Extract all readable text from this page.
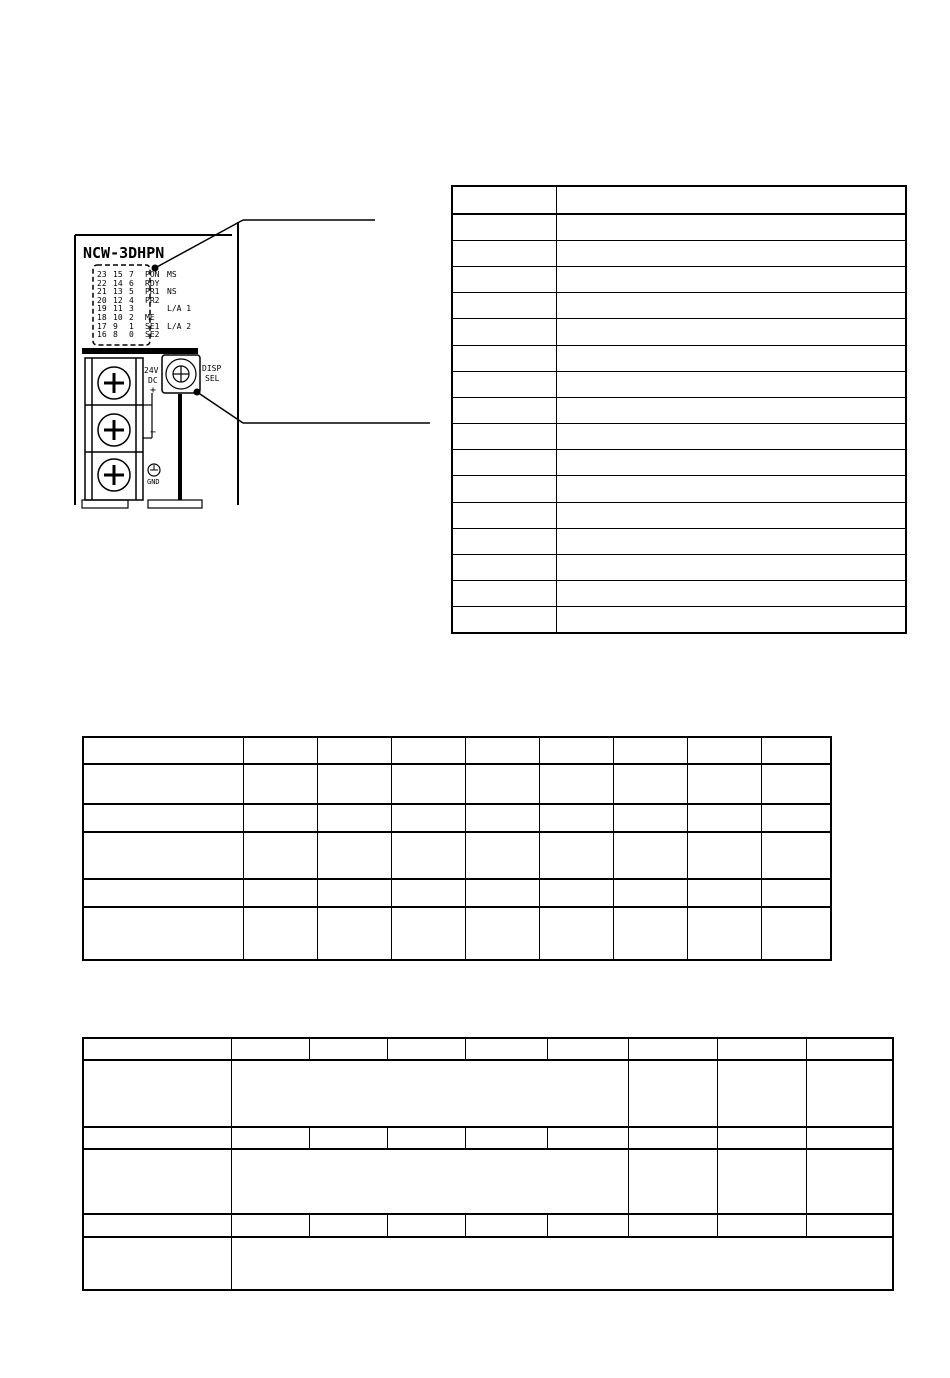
NCW-3DHPN
23 15 7 PON MS
22 14 6 RDY
21 13 5 PR1 NS
20 12 4 PR2
19 11 3	L/A 1
18 10 2 ME
17 9 1 SE1 L/A 2
16 8 0 SE2
24V
DC
+
−
GND
DISP
SEL
